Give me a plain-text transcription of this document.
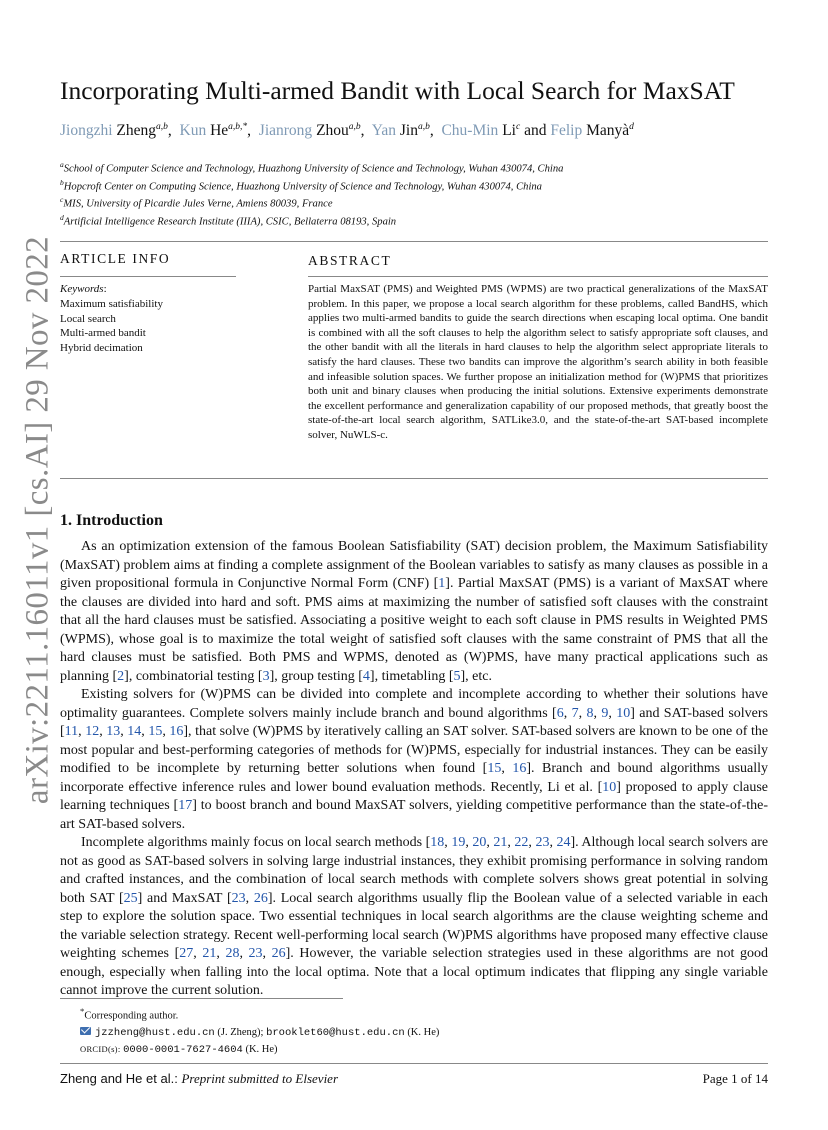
arXiv:2211.16011v1 [cs.AI] 29 Nov 2022
Incorporating Multi-armed Bandit with Local Search for MaxSAT
Jiongzhi Zheng$^{a,b}$,  Kun $He^{a,b,*}$,  Jianrong Zhou$^{a,b}$,  Yan Jin$^{a,b}$,  Chu-Min Li$^c$ and Felip Manyà$^d$
$^a$School of Computer Science and Technology, Huazhong University of Science and Technology, Wuhan 430074, China
$^b$Hopcroft Center on Computing Science, Huazhong University of Science and Technology, Wuhan 430074, China
$^c$MIS, University of Picardie Jules Verne, Amiens 80039, France
$^d$Artificial Intelligence Research Institute (IIIA), CSIC, Bellaterra 08193, Spain
ARTICLE INFO
Keywords:
Maximum satisfiability
Local search
Multi-armed bandit
Hybrid decimation
ABSTRACT
Partial MaxSAT (PMS) and Weighted PMS (WPMS) are two practical generalizations of the MaxSAT problem. In this paper, we propose a local search algorithm for these problems, called BandHS, which applies two multi-armed bandits to guide the search directions when escaping local optima. One bandit is combined with all the soft clauses to help the algorithm select to satisfy appropriate soft clauses, and the other bandit with all the literals in hard clauses to help the algorithm select appropriate literals to satisfy the hard clauses. These two bandits can improve the algorithm’s search ability in both feasible and infeasible solution spaces. We further propose an initialization method for (W)PMS that prioritizes both unit and binary clauses when producing the initial solutions. Extensive experiments demonstrate the excellent performance and generalization capability of our proposed methods, that greatly boost the state-of-the-art local search algorithm, SATLike3.0, and the state-of-the-art SAT-based incomplete solver, NuWLS-c.
1. Introduction

As an optimization extension of the famous Boolean Satisfiability (SAT) decision problem, the Maximum Satisfiability (MaxSAT) problem aims at finding a complete assignment of the Boolean variables to satisfy as many clauses as possible in a given propositional formula in Conjunctive Normal Form (CNF) [1]. Partial MaxSAT (PMS) is a variant of MaxSAT where the clauses are divided into hard and soft. PMS aims at maximizing the number of satisfied soft clauses with the constraint that all the hard clauses must be satisfied. Associating a positive weight to each soft clause in PMS results in Weighted PMS (WPMS), whose goal is to maximize the total weight of satisfied soft clauses with the same constraint of PMS that all the hard clauses must be satisfied. Both PMS and WPMS, denoted as (W)PMS, have many practical applications such as planning [2], combinatorial testing [3], group testing [4], timetabling [5], etc.

Existing solvers for (W)PMS can be divided into complete and incomplete according to whether their solutions have optimality guarantees. Complete solvers mainly include branch and bound algorithms [6, 7, 8, 9, 10] and SAT-based solvers [11, 12, 13, 14, 15, 16], that solve (W)PMS by iteratively calling an SAT solver. SAT-based solvers are known to be one of the most popular and best-performing categories of methods for (W)PMS, especially for industrial instances. They can be easily modified to be incomplete by returning better solutions when found [15, 16]. Branch and bound algorithms usually incorporate effective inference rules and lower bound evaluation methods. Recently, Li et al. [10] proposed to apply clause learning techniques [17] to boost branch and bound MaxSAT solvers, yielding competitive performance than the state-of-the-art SAT-based solvers.

Incomplete algorithms mainly focus on local search methods [18, 19, 20, 21, 22, 23, 24]. Although local search solvers are not as good as SAT-based solvers in solving large industrial instances, they exhibit promising performance in solving random and crafted instances, and the combination of local search methods with complete solvers shows great potential in solving both SAT [25] and MaxSAT [23, 26]. Local search algorithms usually flip the Boolean value of a selected variable in each step to explore the solution space. Two essential techniques in local search algorithms are the clause weighting scheme and the variable selection strategy. Recent well-performing local search (W)PMS algorithms have proposed many effective clause weighting schemes [27, 21, 28, 23, 26]. However, the variable selection strategies used in these algorithms are not good enough, especially when falling into the local optima. Note that a local optimum indicates that flipping any single variable cannot improve the current solution.

*Corresponding author.
jzzheng@hust.edu.cn (J. Zheng); brooklet60@hust.edu.cn (K. He)
ORCID(s): 0000-0001-7627-4604 (K. He)
Zheng and He et al.: Preprint submitted to Elsevier	Page 1 of 14
